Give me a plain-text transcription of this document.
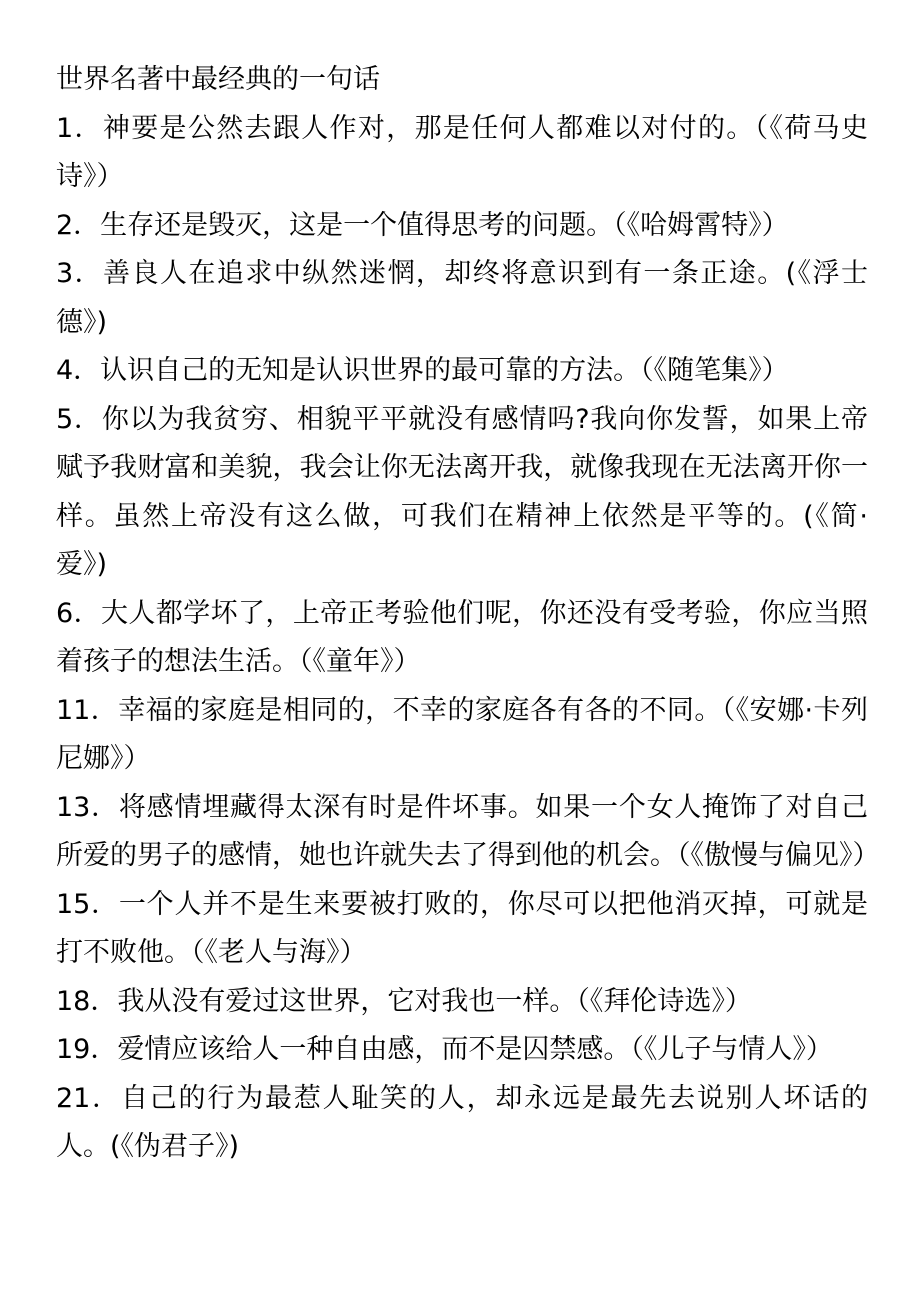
世界名著中最经典的一句话

1．神要是公然去跟人作对，那是任何人都难以对付的。（《荷马史诗》）

2．生存还是毁灭，这是一个值得思考的问题。（《哈姆霄特》）

3．善良人在追求中纵然迷惘，却终将意识到有一条正途。(《浮士德》)

4．认识自己的无知是认识世界的最可靠的方法。（《随笔集》）

5．你以为我贫穷、相貌平平就没有感情吗?我向你发誓，如果上帝赋予我财富和美貌，我会让你无法离开我，就像我现在无法离开你一样。虽然上帝没有这么做，可我们在精神上依然是平等的。(《简·爱》)

6．大人都学坏了，上帝正考验他们呢，你还没有受考验，你应当照着孩子的想法生活。（《童年》）

11．幸福的家庭是相同的，不幸的家庭各有各的不同。（《安娜·卡列尼娜》）

13．将感情埋藏得太深有时是件坏事。如果一个女人掩饰了对自己所爱的男子的感情，她也许就失去了得到他的机会。（《傲慢与偏见》）

15．一个人并不是生来要被打败的，你尽可以把他消灭掉，可就是打不败他。（《老人与海》）

18．我从没有爱过这世界，它对我也一样。（《拜伦诗选》）

19．爱情应该给人一种自由感，而不是囚禁感。（《儿子与情人》）

21．自己的行为最惹人耻笑的人，却永远是最先去说别人坏话的人。(《伪君子》)
